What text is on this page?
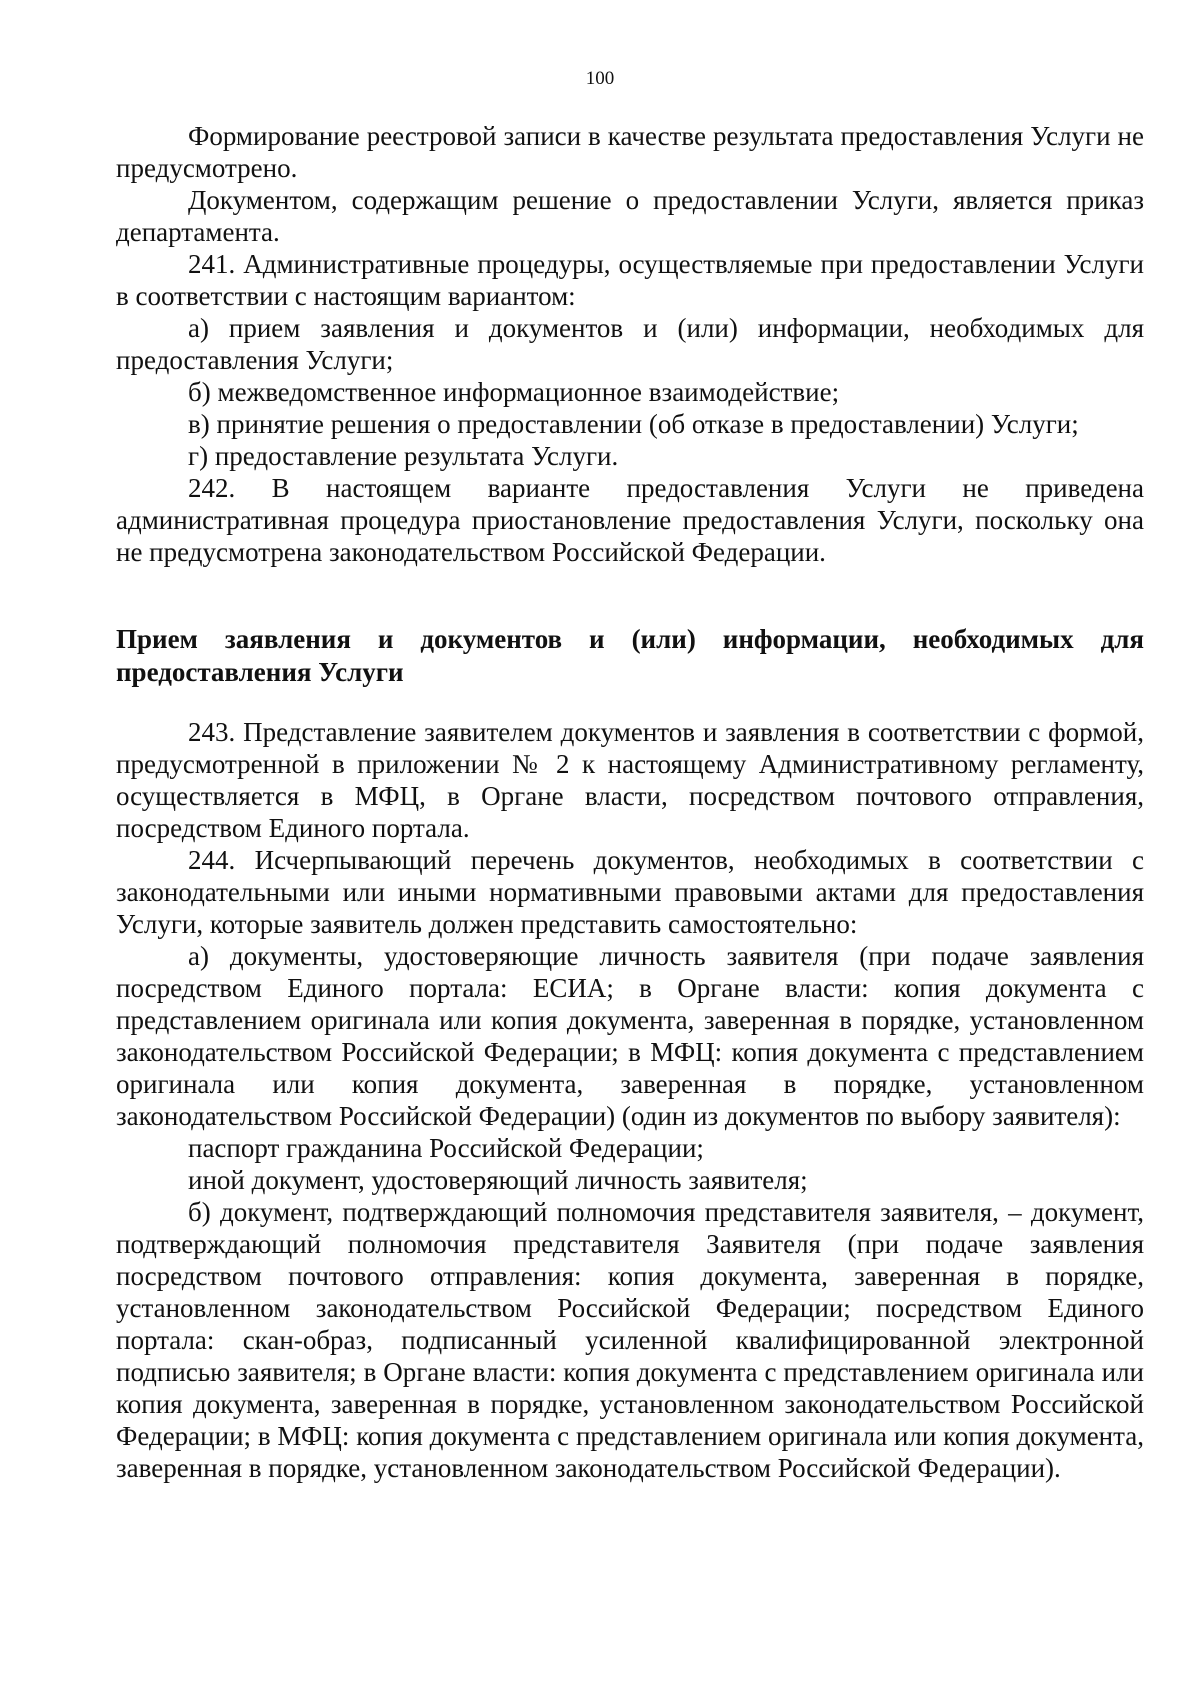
100

Формирование реестровой записи в качестве результата предоставления Услуги не предусмотрено.

Документом, содержащим решение о предоставлении Услуги, является приказ департамента.

241. Административные процедуры, осуществляемые при предоставлении Услуги в соответствии с настоящим вариантом:

а) прием заявления и документов и (или) информации, необходимых для предоставления Услуги;

б) межведомственное информационное взаимодействие;

в) принятие решения о предоставлении (об отказе в предоставлении) Услуги;

г) предоставление результата Услуги.

242. В настоящем варианте предоставления Услуги не приведена административная процедура приостановление предоставления Услуги, поскольку она не предусмотрена законодательством Российской Федерации.

Прием заявления и документов и (или) информации, необходимых для предоставления Услуги

243. Представление заявителем документов и заявления в соответствии с формой, предусмотренной в приложении № 2 к настоящему Административному регламенту, осуществляется в МФЦ, в Органе власти, посредством почтового отправления, посредством Единого портала.

244. Исчерпывающий перечень документов, необходимых в соответствии с законодательными или иными нормативными правовыми актами для предоставления Услуги, которые заявитель должен представить самостоятельно:

а) документы, удостоверяющие личность заявителя (при подаче заявления посредством Единого портала: ЕСИА; в Органе власти: копия документа с представлением оригинала или копия документа, заверенная в порядке, установленном законодательством Российской Федерации; в МФЦ: копия документа с представлением оригинала или копия документа, заверенная в порядке, установленном законодательством Российской Федерации) (один из документов по выбору заявителя):

паспорт гражданина Российской Федерации;

иной документ, удостоверяющий личность заявителя;

б) документ, подтверждающий полномочия представителя заявителя, – документ, подтверждающий полномочия представителя Заявителя (при подаче заявления посредством почтового отправления: копия документа, заверенная в порядке, установленном законодательством Российской Федерации; посредством Единого портала: скан-образ, подписанный усиленной квалифицированной электронной подписью заявителя; в Органе власти: копия документа с представлением оригинала или копия документа, заверенная в порядке, установленном законодательством Российской Федерации; в МФЦ: копия документа с представлением оригинала или копия документа, заверенная в порядке, установленном законодательством Российской Федерации).
